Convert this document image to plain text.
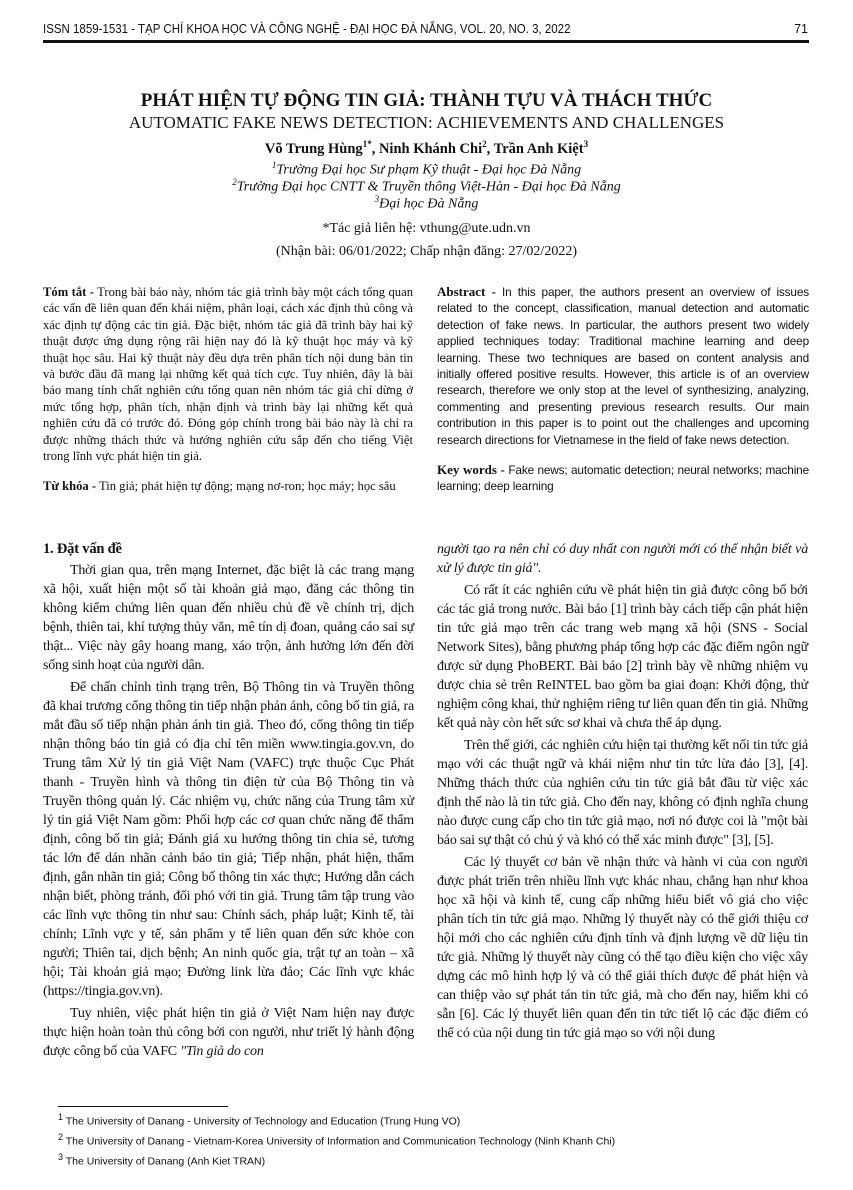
ISSN 1859-1531 - TẠP CHÍ KHOA HỌC VÀ CÔNG NGHỆ - ĐẠI HỌC ĐÀ NẴNG, VOL. 20, NO. 3, 2022	71
PHÁT HIỆN TỰ ĐỘNG TIN GIẢ: THÀNH TỰU VÀ THÁCH THỨC
AUTOMATIC FAKE NEWS DETECTION: ACHIEVEMENTS AND CHALLENGES
Võ Trung Hùng$^{1*}$, Ninh Khánh Chi$^2$, Trần Anh Kiệt$^3$
$^1$Trường Đại học Sư phạm Kỹ thuật - Đại học Đà Nẵng
$^2$Trường Đại học CNTT & Truyền thông Việt-Hàn - Đại học Đà Nẵng
$^3$Đại học Đà Nẵng
*Tác giả liên hệ: vthung@ute.udn.vn
(Nhận bài: 06/01/2022; Chấp nhận đăng: 27/02/2022)
Tóm tắt - Trong bài báo này, nhóm tác giả trình bày một cách tổng quan các vấn đề liên quan đến khái niệm, phân loại, cách xác định thủ công và xác định tự động các tin giả. Đặc biệt, nhóm tác giả đã trình bày hai kỹ thuật được ứng dụng rộng rãi hiện nay đó là kỹ thuật học máy và kỹ thuật học sâu. Hai kỹ thuật này đều dựa trên phân tích nội dung bản tin và bước đầu đã mang lại những kết quả tích cực. Tuy nhiên, đây là bài báo mang tính chất nghiên cứu tổng quan nên nhóm tác giả chỉ dừng ở mức tổng hợp, phân tích, nhận định và trình bày lại những kết quả nghiên cứu đã có trước đó. Đóng góp chính trong bài báo này là chỉ ra được những thách thức và hướng nghiên cứu sắp đến cho tiếng Việt trong lĩnh vực phát hiện tin giả.
Từ khóa - Tin giả; phát hiện tự động; mạng nơ-ron; học máy; học sâu
Abstract - In this paper, the authors present an overview of issues related to the concept, classification, manual detection and automatic detection of fake news. In particular, the authors present two widely applied techniques today: Traditional machine learning and deep learning. These two techniques are based on content analysis and initially offered positive results. However, this article is of an overview research, therefore we only stop at the level of synthesizing, analyzing, commenting and presenting previous research results. Our main contribution in this paper is to point out the challenges and upcoming research directions for Vietnamese in the field of fake news detection.
Key words - Fake news; automatic detection; neural networks; machine learning; deep learning
1. Đặt vấn đề

Thời gian qua, trên mạng Internet, đặc biệt là các trang mạng xã hội, xuất hiện một số tài khoản giả mạo, đăng các thông tin không kiểm chứng liên quan đến nhiều chủ đề về chính trị, dịch bệnh, thiên tai, khí tượng thủy văn, mê tín dị đoan, quảng cáo sai sự thật... Việc này gây hoang mang, xáo trộn, ảnh hưởng lớn đến đời sống sinh hoạt của người dân.

Để chấn chỉnh tình trạng trên, Bộ Thông tin và Truyền thông đã khai trương cổng thông tin tiếp nhận phản ánh, công bố tin giả, ra mắt đầu số tiếp nhận phản ánh tin giả. Theo đó, cổng thông tin tiếp nhận thông báo tin giả có địa chỉ tên miền www.tingia.gov.vn, do Trung tâm Xử lý tin giả Việt Nam (VAFC) trực thuộc Cục Phát thanh - Truyền hình và thông tin điện tử của Bộ Thông tin và Truyền thông quản lý. Các nhiệm vụ, chức năng của Trung tâm xử lý tin giả Việt Nam gồm: Phối hợp các cơ quan chức năng để thẩm định, công bố tin giả; Đánh giá xu hướng thông tin chia sẻ, tương tác lớn để dán nhãn cảnh báo tin giả; Tiếp nhận, phát hiện, thẩm định, gắn nhãn tin giả; Công bố thông tin xác thực; Hướng dẫn cách nhận biết, phòng tránh, đối phó với tin giả. Trung tâm tập trung vào các lĩnh vực thông tin như sau: Chính sách, pháp luật; Kinh tế, tài chính; Lĩnh vực y tế, sản phẩm y tế liên quan đến sức khỏe con người; Thiên tai, dịch bệnh; An ninh quốc gia, trật tự an toàn – xã hội; Tài khoản giả mạo; Đường link lừa đảo; Các lĩnh vực khác (https://tingia.gov.vn).

Tuy nhiên, việc phát hiện tin giả ở Việt Nam hiện nay được thực hiện hoàn toàn thủ công bởi con người, như triết lý hành động được công bố của VAFC "Tin giả do con

người tạo ra nên chỉ có duy nhất con người mới có thể nhận biết và xử lý được tin giả".

Có rất ít các nghiên cứu về phát hiện tin giả được công bố bởi các tác giả trong nước. Bài báo [1] trình bày cách tiếp cận phát hiện tin tức giả mạo trên các trang web mạng xã hội (SNS - Social Network Sites), bằng phương pháp tổng hợp các đặc điểm ngôn ngữ được sử dụng PhoBERT. Bài báo [2] trình bày về những nhiệm vụ được chia sẻ trên ReINTEL bao gồm ba giai đoạn: Khởi động, thử nghiệm công khai, thử nghiệm riêng tư liên quan đến tin giả. Những kết quả này còn hết sức sơ khai và chưa thể áp dụng.

Trên thế giới, các nghiên cứu hiện tại thường kết nối tin tức giả mạo với các thuật ngữ và khái niệm như tin tức lừa đảo [3], [4]. Những thách thức của nghiên cứu tin tức giả bắt đầu từ việc xác định thế nào là tin tức giả. Cho đến nay, không có định nghĩa chung nào được cung cấp cho tin tức giả mạo, nơi nó được coi là "một bài báo sai sự thật có chủ ý và khó có thể xác minh được" [3], [5].

Các lý thuyết cơ bản về nhận thức và hành vi của con người được phát triển trên nhiều lĩnh vực khác nhau, chẳng hạn như khoa học xã hội và kinh tế, cung cấp những hiểu biết vô giá cho việc phân tích tin tức giả mạo. Những lý thuyết này có thể giới thiệu cơ hội mới cho các nghiên cứu định tính và định lượng về dữ liệu tin tức giả. Những lý thuyết này cũng có thể tạo điều kiện cho việc xây dựng các mô hình hợp lý và có thể giải thích được để phát hiện và can thiệp vào sự phát tán tin tức giả, mà cho đến nay, hiếm khi có sẵn [6]. Các lý thuyết liên quan đến tin tức tiết lộ các đặc điểm có thể có của nội dung tin tức giả mạo so với nội dung

$^1$ The University of Danang - University of Technology and Education (Trung Hung VO)
$^2$ The University of Danang - Vietnam-Korea University of Information and Communication Technology (Ninh Khanh Chi)
$^3$ The University of Danang (Anh Kiet TRAN)
